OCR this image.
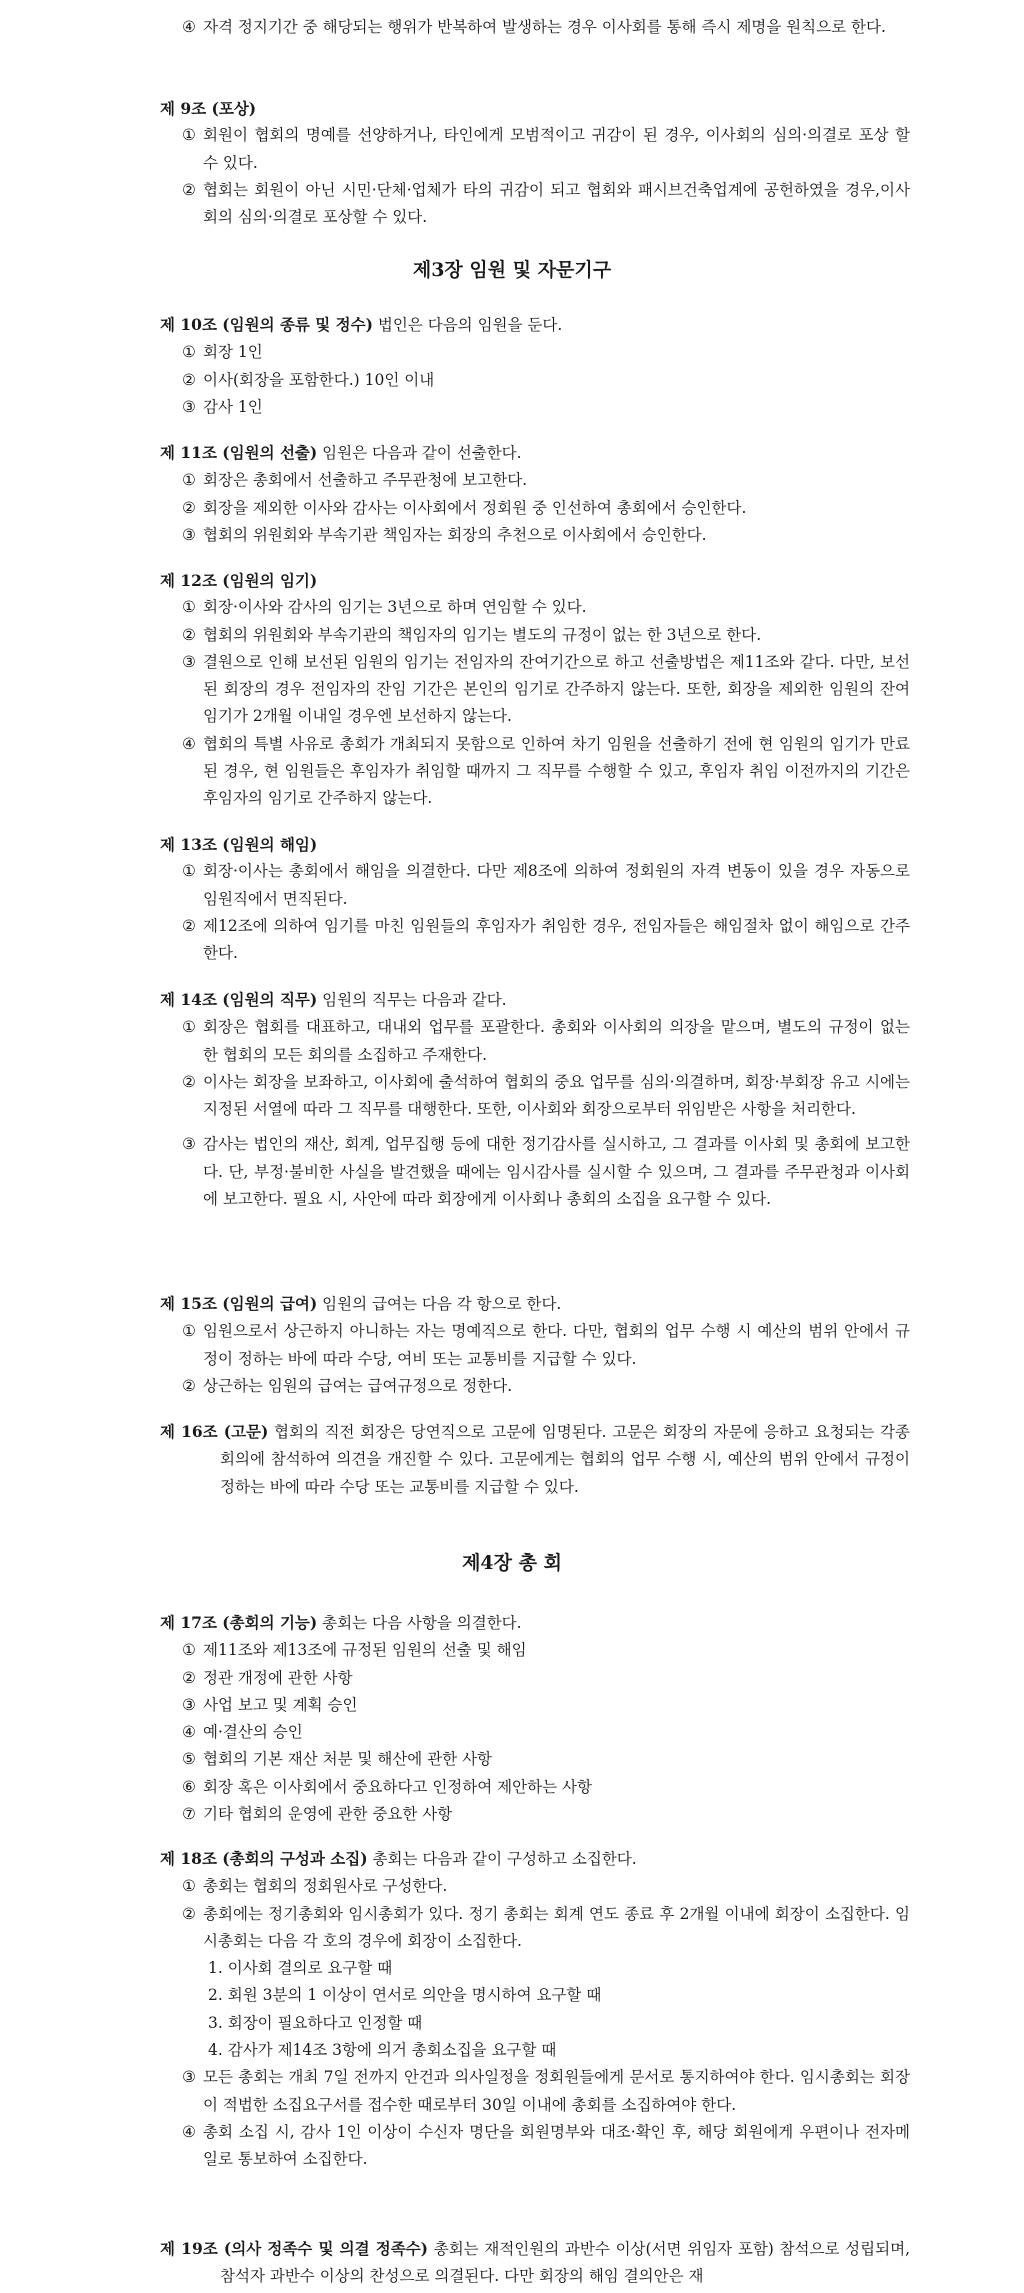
④ 자격 정지기간 중 해당되는 행위가 반복하여 발생하는 경우 이사회를 통해 즉시 제명을 원칙으로 한다.
제 9조 (포상)
① 회원이 협회의 명예를 선양하거나, 타인에게 모범적이고 귀감이 된 경우, 이사회의 심의·의결로 포상 할 수 있다.
② 협회는 회원이 아닌 시민·단체·업체가 타의 귀감이 되고 협회와 패시브건축업계에 공헌하였을 경우,이사회의 심의·의결로 포상할 수 있다.
제3장 임원 및 자문기구
제 10조 (임원의 종류 및 정수) 법인은 다음의 임원을 둔다.
① 회장 1인
② 이사(회장을 포함한다.) 10인 이내
③ 감사 1인
제 11조 (임원의 선출) 임원은 다음과 같이 선출한다.
① 회장은 총회에서 선출하고 주무관청에 보고한다.
② 회장을 제외한 이사와 감사는 이사회에서 정회원 중 인선하여 총회에서 승인한다.
③ 협회의 위원회와 부속기관 책임자는 회장의 추천으로 이사회에서 승인한다.
제 12조 (임원의 임기)
① 회장·이사와 감사의 임기는 3년으로 하며 연임할 수 있다.
② 협회의 위원회와 부속기관의 책임자의 임기는 별도의 규정이 없는 한 3년으로 한다.
③ 결원으로 인해 보선된 임원의 임기는 전임자의 잔여기간으로 하고 선출방법은 제11조와 같다. 다만, 보선된 회장의 경우 전임자의 잔임 기간은 본인의 임기로 간주하지 않는다. 또한, 회장을 제외한 임원의 잔여 임기가 2개월 이내일 경우엔 보선하지 않는다.
④ 협회의 특별 사유로 총회가 개최되지 못함으로 인하여 차기 임원을 선출하기 전에 현 임원의 임기가 만료된 경우, 현 임원들은 후임자가 취임할 때까지 그 직무를 수행할 수 있고, 후임자 취임 이전까지의 기간은 후임자의 임기로 간주하지 않는다.
제 13조 (임원의 해임)
① 회장·이사는 총회에서 해임을 의결한다. 다만 제8조에 의하여 정회원의 자격 변동이 있을 경우 자동으로 임원직에서 면직된다.
② 제12조에 의하여 임기를 마친 임원들의 후임자가 취임한 경우, 전임자들은 해임절차 없이 해임으로 간주한다.
제 14조 (임원의 직무) 임원의 직무는 다음과 같다.
① 회장은 협회를 대표하고, 대내외 업무를 포괄한다. 총회와 이사회의 의장을 맡으며, 별도의 규정이 없는 한 협회의 모든 회의를 소집하고 주재한다.
② 이사는 회장을 보좌하고, 이사회에 출석하여 협회의 중요 업무를 심의·의결하며, 회장·부회장 유고 시에는 지정된 서열에 따라 그 직무를 대행한다. 또한, 이사회와 회장으로부터 위임받은 사항을 처리한다.
③ 감사는 법인의 재산, 회계, 업무집행 등에 대한 정기감사를 실시하고, 그 결과를 이사회 및 총회에 보고한다. 단, 부정·불비한 사실을 발견했을 때에는 임시감사를 실시할 수 있으며, 그 결과를 주무관청과 이사회에 보고한다. 필요 시, 사안에 따라 회장에게 이사회나 총회의 소집을 요구할 수 있다.
제 15조 (임원의 급여) 임원의 급여는 다음 각 항으로 한다.
① 임원으로서 상근하지 아니하는 자는 명예직으로 한다. 다만, 협회의 업무 수행 시 예산의 범위 안에서 규정이 정하는 바에 따라 수당, 여비 또는 교통비를 지급할 수 있다.
② 상근하는 임원의 급여는 급여규정으로 정한다.
제 16조 (고문) 협회의 직전 회장은 당연직으로 고문에 임명된다. 고문은 회장의 자문에 응하고 요청되는 각종 회의에 참석하여 의견을 개진할 수 있다. 고문에게는 협회의 업무 수행 시, 예산의 범위 안에서 규정이 정하는 바에 따라 수당 또는 교통비를 지급할 수 있다.
제4장 총 회
제 17조 (총회의 기능) 총회는 다음 사항을 의결한다.
① 제11조와 제13조에 규정된 임원의 선출 및 해임
② 정관 개정에 관한 사항
③ 사업 보고 및 계획 승인
④ 예·결산의 승인
⑤ 협회의 기본 재산 처분 및 해산에 관한 사항
⑥ 회장 혹은 이사회에서 중요하다고 인정하여 제안하는 사항
⑦ 기타 협회의 운영에 관한 중요한 사항
제 18조 (총회의 구성과 소집) 총회는 다음과 같이 구성하고 소집한다.
① 총회는 협회의 정회원사로 구성한다.
② 총회에는 정기총회와 임시총회가 있다. 정기 총회는 회계 연도 종료 후 2개월 이내에 회장이 소집한다. 임시총회는 다음 각 호의 경우에 회장이 소집한다.
1. 이사회 결의로 요구할 때
2. 회원 3분의 1 이상이 연서로 의안을 명시하여 요구할 때
3. 회장이 필요하다고 인정할 때
4. 감사가 제14조 3항에 의거 총회소집을 요구할 때
③ 모든 총회는 개최 7일 전까지 안건과 의사일정을 정회원들에게 문서로 통지하여야 한다. 임시총회는 회장이 적법한 소집요구서를 접수한 때로부터 30일 이내에 총회를 소집하여야 한다.
④ 총회 소집 시, 감사 1인 이상이 수신자 명단을 회원명부와 대조·확인 후, 해당 회원에게 우편이나 전자메일로 통보하여 소집한다.
제 19조 (의사 정족수 및 의결 정족수) 총회는 재적인원의 과반수 이상(서면 위임자 포함) 참석으로 성립되며, 참석자 과반수 이상의 찬성으로 의결된다. 다만 회장의 해임 결의안은 재
